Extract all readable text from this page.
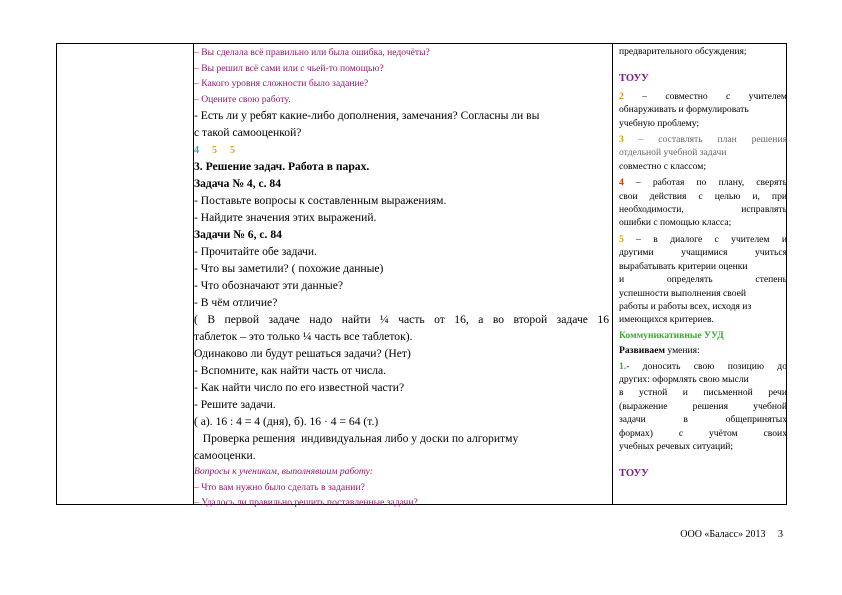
– Вы сделала всё правильно или была ошибка, недочёты?
– Вы решил всё сами или с чьей-то помощью?
– Какого уровня сложности было задание?
– Оцените свою работу.
- Есть ли у ребят какие-либо дополнения, замечания? Согласны ли вы
с такой самооценкой?
4 5 5
3. Решение задач. Работа в парах.
Задача № 4, с. 84
- Поставьте вопросы к составленным выражениям.
- Найдите значения этих выражений.
Задачи № 6, с. 84
- Прочитайте обе задачи.
- Что вы заметили? ( похожие данные)
- Что обозначают эти данные?
- В чём отличие?
( В первой задаче надо найти ¼ часть от 16, а во второй задаче 16
таблеток – это только ¼ часть все таблеток).
Одинаково ли будут решаться задачи? (Нет)
- Вспомните, как найти часть от числа.
- Как найти число по его известной части?
- Решите задачи.
( а). 16 : 4 = 4 (дня), б). 16 · 4 = 64 (т.)
Проверка решения  индивидуальная либо у доски по алгоритму
самооценки.
Вопросы к ученикам, выполнявшим работу:
– Что вам нужно было сделать в задании?
– Удалось ли правильно решить поставленные задачи?
предварительного обсуждения;
ТОУУ
2 – совместно с учителем
обнаруживать и формулировать
учебную проблему;
3 – составлять план решения
отдельной учебной задачи
совместно с классом;
4 – работая по плану, сверять
свои действия с целью и, при
необходимости, исправлять
ошибки с помощью класса;
5 – в диалоге с учителем и
другими учащимися учиться
вырабатывать критерии оценки
и определять степень
успешности выполнения своей
работы и работы всех, исходя из
имеющихся критериев.
Коммуникативные УУД
Развиваем умения:
1.- доносить свою позицию до
других: оформлять свою мысли
в устной и письменной речи
(выражение решения учебной
задачи в общепринятых
формах) с учётом своих
учебных речевых ситуаций;
ТОУУ
ООО «Баласс» 2013 3
